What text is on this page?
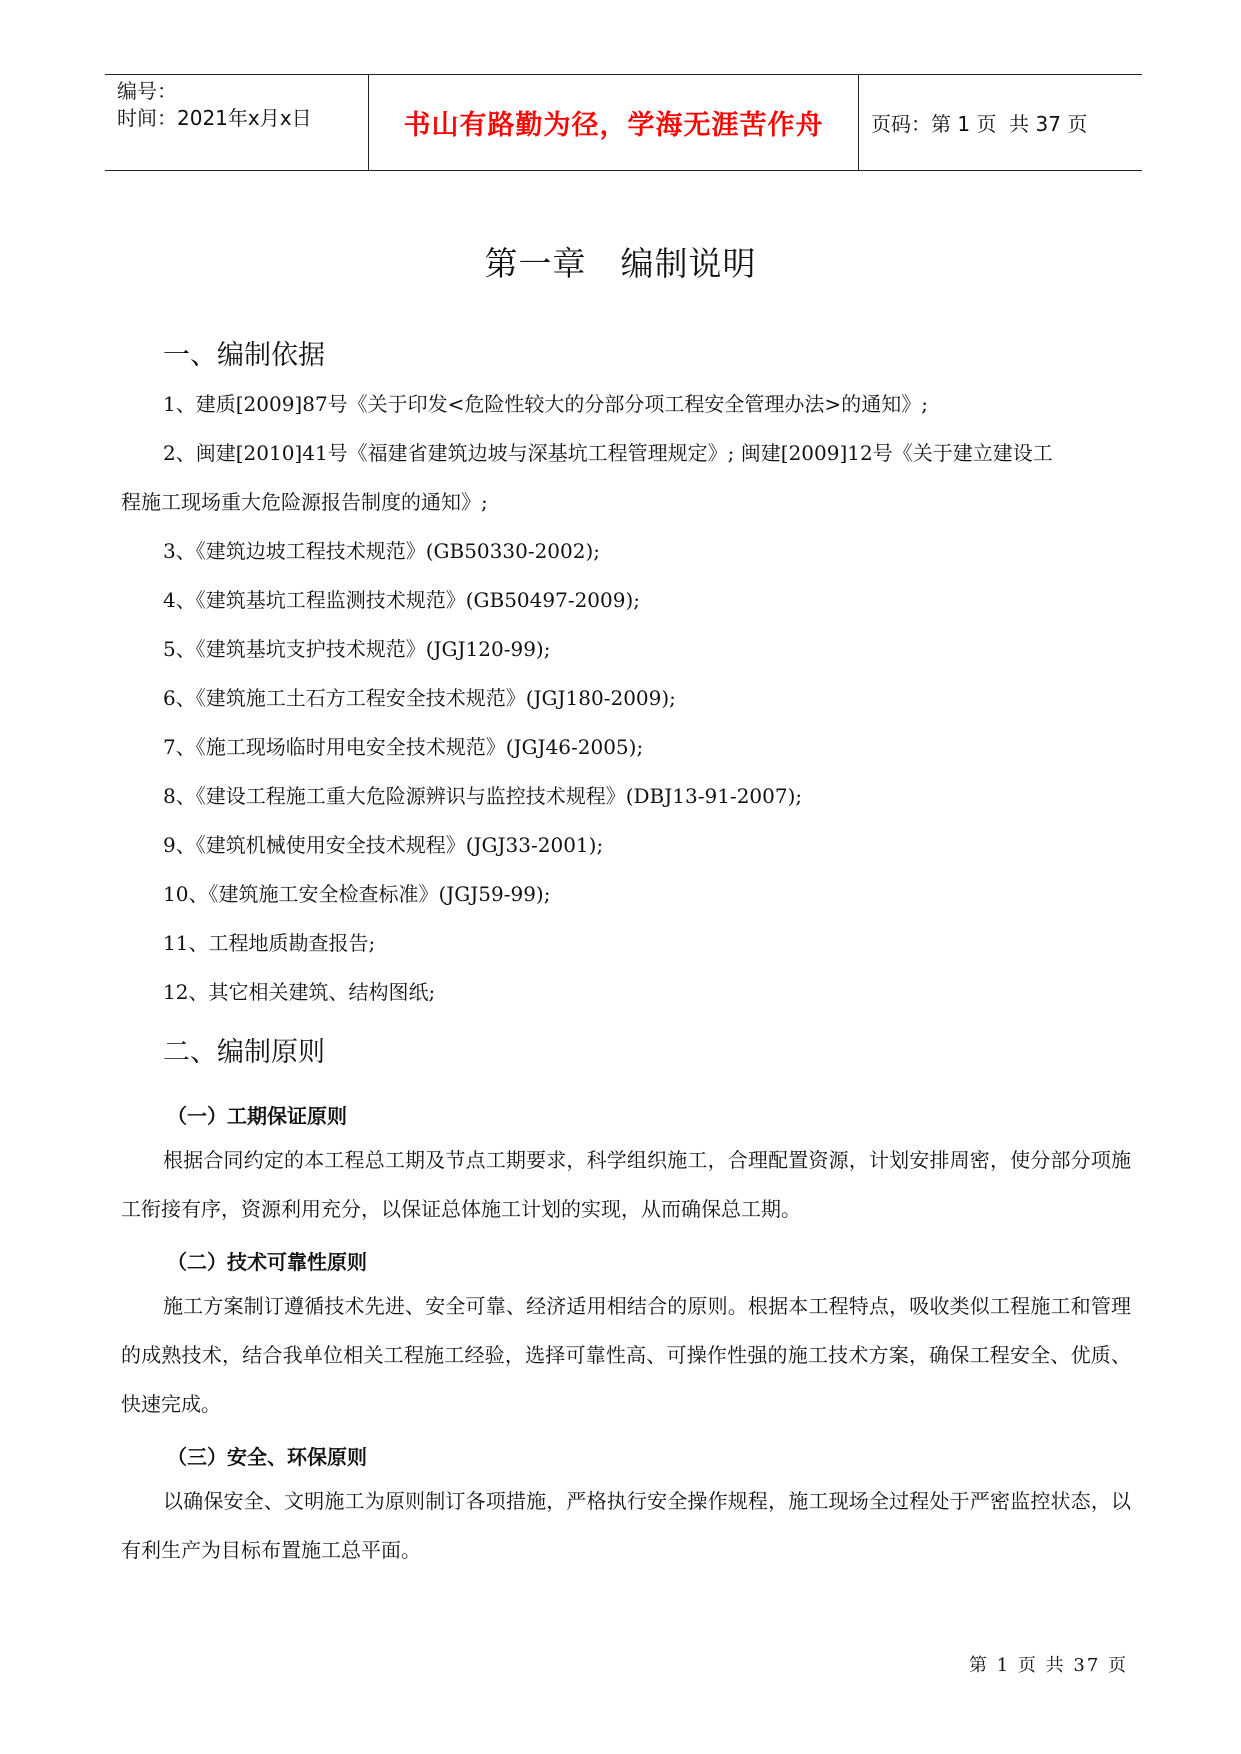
编号：
时间：2021年x月x日	书山有路勤为径，学海无涯苦作舟 页码：第 1 页  共 37 页
第一章 编制说明
一、编制依据
1、建质[2009]87号《关于印发<危险性较大的分部分项工程安全管理办法>的通知》;
2、闽建[2010]41号《福建省建筑边坡与深基坑工程管理规定》; 闽建[2009]12号《关于建立建设工
程施工现场重大危险源报告制度的通知》;
3、《建筑边坡工程技术规范》(GB50330-2002);
4、《建筑基坑工程监测技术规范》(GB50497-2009);
5、《建筑基坑支护技术规范》(JGJ120-99);
6、《建筑施工土石方工程安全技术规范》(JGJ180-2009);
7、《施工现场临时用电安全技术规范》(JGJ46-2005);
8、《建设工程施工重大危险源辨识与监控技术规程》(DBJ13-91-2007);
9、《建筑机械使用安全技术规程》(JGJ33-2001);
10、《建筑施工安全检查标准》(JGJ59-99);
11、工程地质勘查报告;
12、其它相关建筑、结构图纸;
二、编制原则
（一）工期保证原则

根据合同约定的本工程总工期及节点工期要求，科学组织施工，合理配置资源，计划安排周密，使分部分项施工衔接有序，资源利用充分，以保证总体施工计划的实现，从而确保总工期。

（二）技术可靠性原则

施工方案制订遵循技术先进、安全可靠、经济适用相结合的原则。根据本工程特点，吸收类似工程施工和管理的成熟技术，结合我单位相关工程施工经验，选择可靠性高、可操作性强的施工技术方案，确保工程安全、优质、快速完成。

（三）安全、环保原则

以确保安全、文明施工为原则制订各项措施，严格执行安全操作规程，施工现场全过程处于严密监控状态，以有利生产为目标布置施工总平面。

第 1 页 共 37 页
